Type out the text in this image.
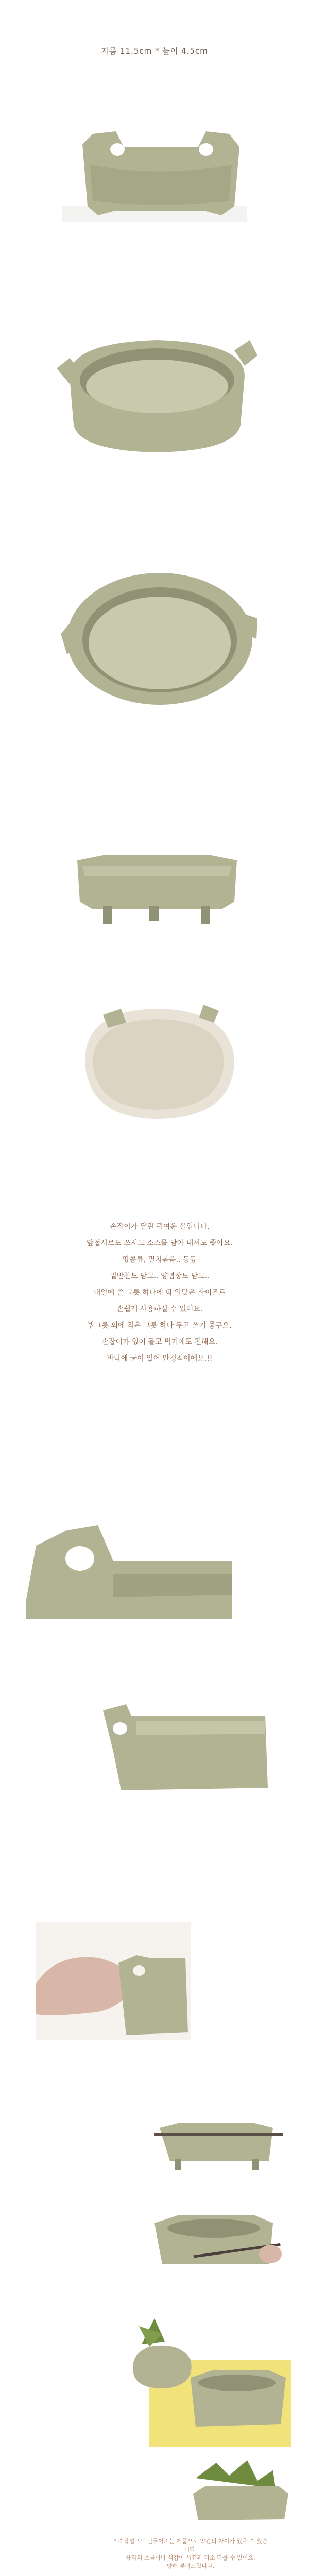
지름 11.5cm * 높이 4.5cm
손잡이가 달린 귀여운 볼입니다.
앞접시로도 쓰시고 소스를 담아 내셔도 좋아요.
땅콩류, 멸치볶음.. 등등
밑반찬도 담고.. 양념장도 담고..
내일에 쓸 그릇 하나에 딱 알맞은 사이즈로
손쉽게 사용하실 수 있어요.
밥그릇 외에 작은 그릇 하나 두고 쓰기 좋구요.
손잡이가 있어 들고 먹기에도 편해요.
바닥에 굽이 있어 안정적이에요.!!
* 수작업으로 만들어지는 제품으로 약간의 차이가 있을 수 있습니다.
유약의 흐름이나 색감이 사진과 다소 다를 수 있어요.
양해 부탁드립니다.
